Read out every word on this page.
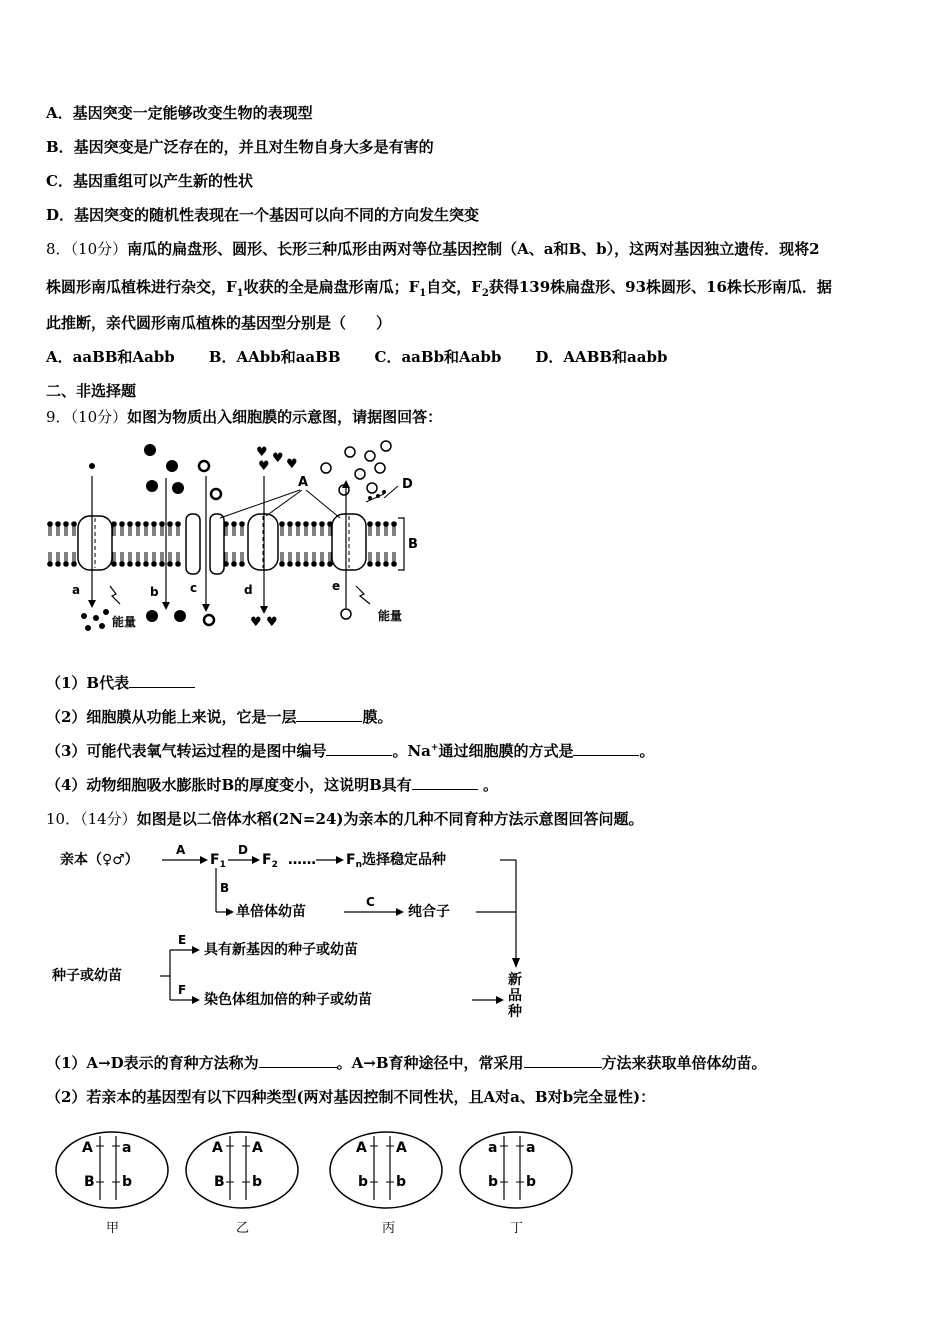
A．基因突变一定能够改变生物的表现型
B．基因突变是广泛存在的，并且对生物自身大多是有害的
C．基因重组可以产生新的性状
D．基因突变的随机性表现在一个基因可以向不同的方向发生突变
8．（10分）南瓜的扁盘形、圆形、长形三种瓜形由两对等位基因控制（A、a和B、b），这两对基因独立遗传．现将2
株圆形南瓜植株进行杂交，$F_1$收获的全是扁盘形南瓜；$F_1$自交，$F_2$获得139株扁盘形、93株圆形、16株长形南瓜．据
此推断，亲代圆形南瓜植株的基因型分别是（　　）
A．aaBB和Aabb B．AAbb和aaBB C．aaBb和Aabb D．AABB和aabb
二、非选择题
9．（10分）如图为物质出入细胞膜的示意图，请据图回答：
a
能量
b	c
♥ ♥ ♥
♥
♥ ♥
d
A
e
能量
D
B
（1）B代表
（2）细胞膜从功能上来说，它是一层	膜。
（3）可能代表氧气转运过程的是图中编号	。Na+通过细胞膜的方式是	。
（4）动物细胞吸水膨胀时B的厚度变小，这说明B具有	。
10．（14分）如图是以二倍体水稻(2N=24)为亲本的几种不同育种方法示意图回答问题。
亲本（♀♂）
A
$F_1$
D
$F_2$ …… $F_n$选择稳定品种
B
单倍体幼苗
C
纯合子
种子或幼苗
E
具有新基因的种子或幼苗
F
染色体组加倍的种子或幼苗
新
品
种
（1）A→D表示的育种方法称为	。A→B育种途径中，常采用	方法来获取单倍体幼苗。
（2）若亲本的基因型有以下四种类型(两对基因控制不同性状，且A对a、B对b完全显性)：
A a
B b
甲
A A
B b
乙
A A
b b
丙
a a
b b
丁
